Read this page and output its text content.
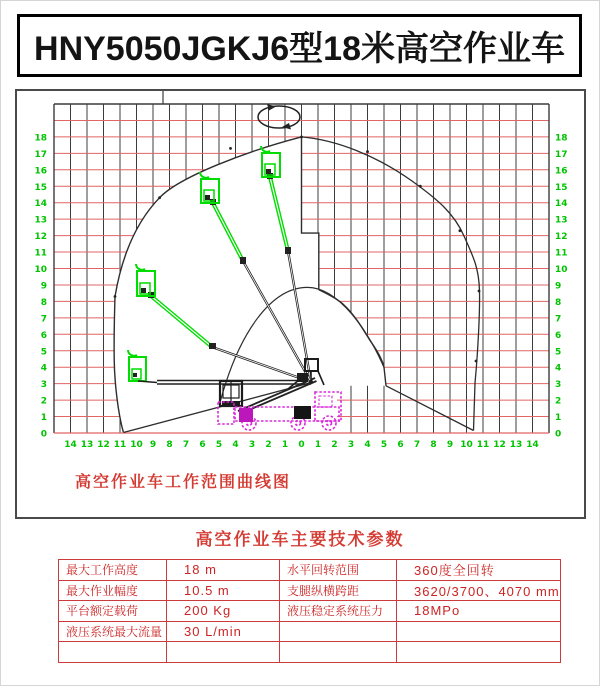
HNY5050JGKJ6型18米高空作业车
0
1
2
3
4
5
6
7
8
9
10
11
12
13
14
15
16
17
18
0
1
2
3
4
5
6
7
8
9
10
11
12
13
14
15
16
17
18
14 13 12 11 10 9 8 7 6 5 4 3 2 1 0 1 2 3 4 5 6 7 8 9 10 11 12 13 14
高空作业车工作范围曲线图
高空作业车主要技术参数
最大工作高度	18 m	水平回转范围	360度全回转
最大作业幅度	10.5 m	支腿纵横跨距	3620/3700、4070 mm
平台额定载荷	200 Kg	液压稳定系统压力	18MPo
液压系统最大流量	30 L/min		
